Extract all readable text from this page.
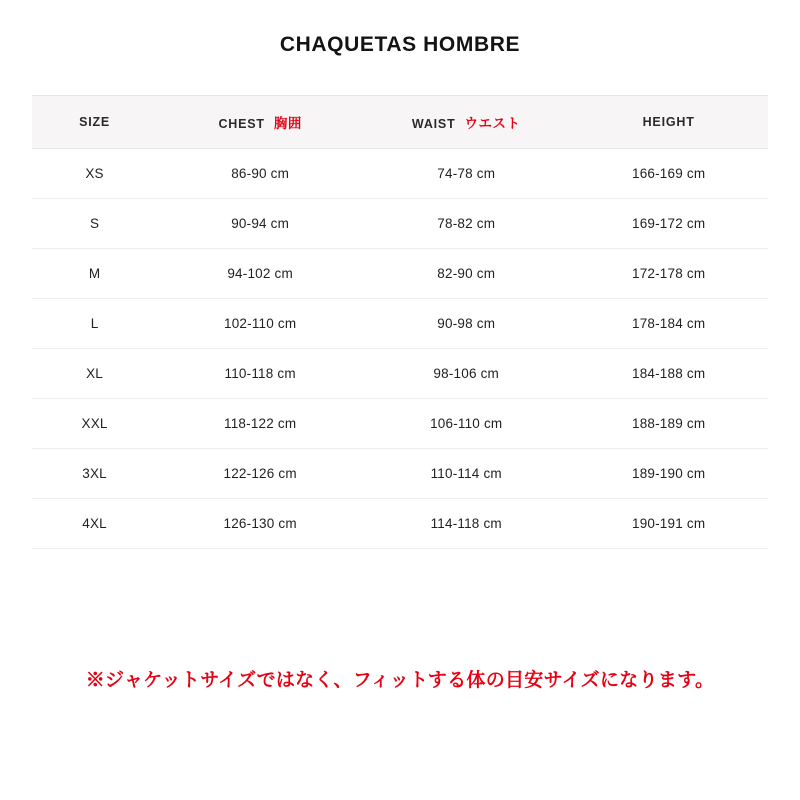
CHAQUETAS HOMBRE
SIZE	CHEST 胸囲	WAIST ウエスト	HEIGHT
XS	86-90 cm	74-78 cm	166-169 cm
S	90-94 cm	78-82 cm	169-172 cm
M	94-102 cm	82-90 cm	172-178 cm
L	102-110 cm	90-98 cm	178-184 cm
XL	110-118 cm	98-106 cm	184-188 cm
XXL	118-122 cm	106-110 cm	188-189 cm
3XL	122-126 cm	110-114 cm	189-190 cm
4XL	126-130 cm	114-118 cm	190-191 cm
※ジャケットサイズではなく、フィットする体の目安サイズになります。
